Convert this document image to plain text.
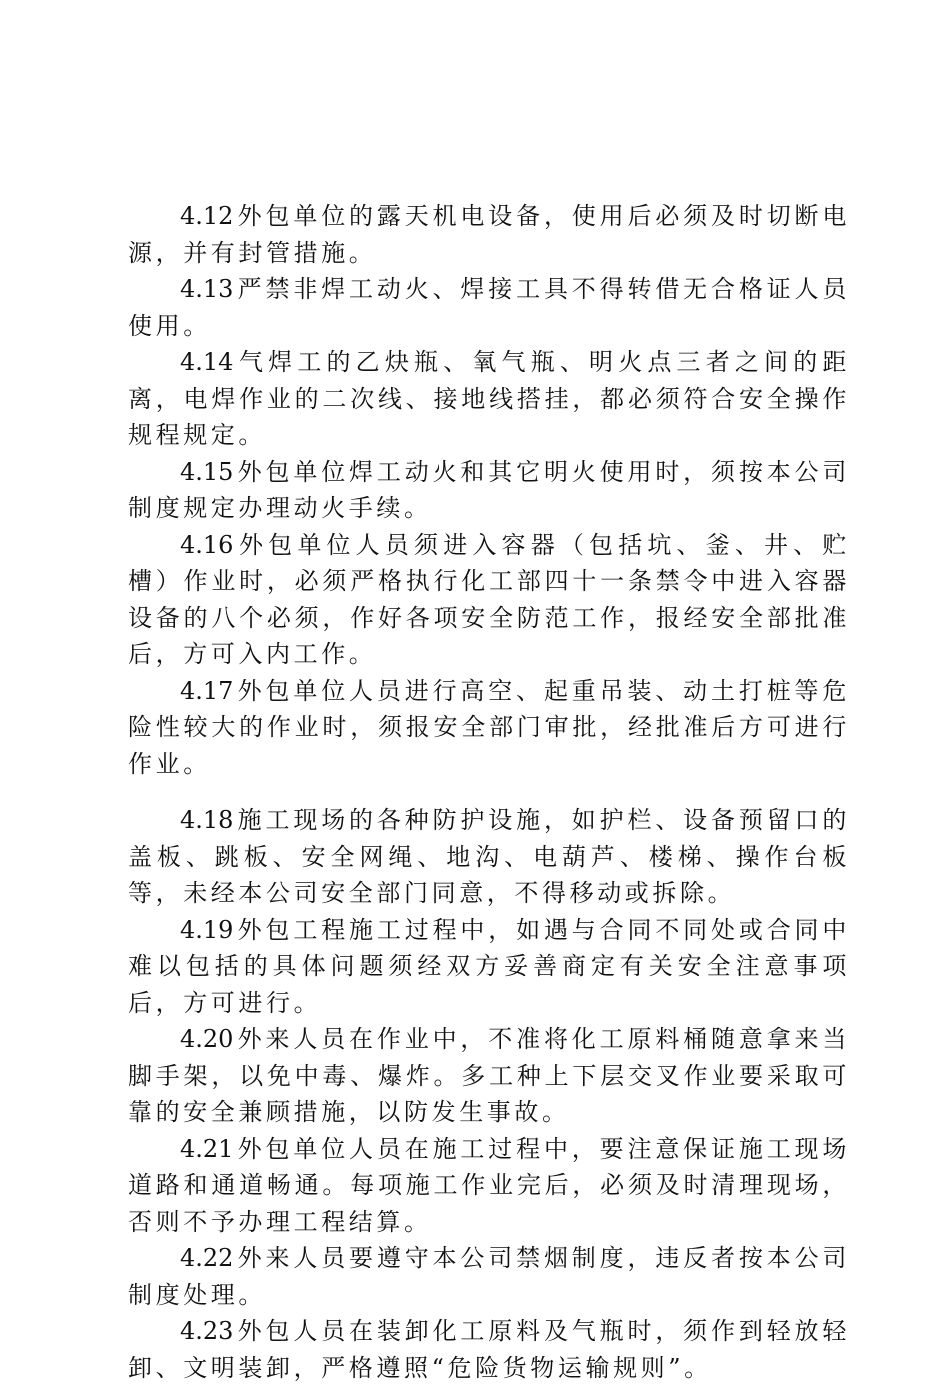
4.12 外包单位的露天机电设备，使用后必须及时切断电源，并有封管措施。

4.13 严禁非焊工动火、焊接工具不得转借无合格证人员使用。

4.14 气焊工的乙炔瓶、氧气瓶、明火点三者之间的距离，电焊作业的二次线、接地线搭挂，都必须符合安全操作规程规定。

4.15 外包单位焊工动火和其它明火使用时，须按本公司制度规定办理动火手续。

4.16 外包单位人员须进入容器（包括坑、釜、井、贮槽）作业时，必须严格执行化工部四十一条禁令中进入容器设备的八个必须，作好各项安全防范工作，报经安全部批准后，方可入内工作。

4.17 外包单位人员进行高空、起重吊装、动土打桩等危险性较大的作业时，须报安全部门审批，经批准后方可进行作业。

4.18 施工现场的各种防护设施，如护栏、设备预留口的盖板、跳板、安全网绳、地沟、电葫芦、楼梯、操作台板等，未经本公司安全部门同意，不得移动或拆除。

4.19 外包工程施工过程中，如遇与合同不同处或合同中难以包括的具体问题须经双方妥善商定有关安全注意事项后，方可进行。

4.20 外来人员在作业中，不准将化工原料桶随意拿来当脚手架，以免中毒、爆炸。多工种上下层交叉作业要采取可靠的安全兼顾措施，以防发生事故。

4.21 外包单位人员在施工过程中，要注意保证施工现场道路和通道畅通。每项施工作业完后，必须及时清理现场，否则不予办理工程结算。

4.22 外来人员要遵守本公司禁烟制度，违反者按本公司制度处理。

4.23 外包人员在装卸化工原料及气瓶时，须作到轻放轻卸、文明装卸，严格遵照“危险货物运输规则”。
